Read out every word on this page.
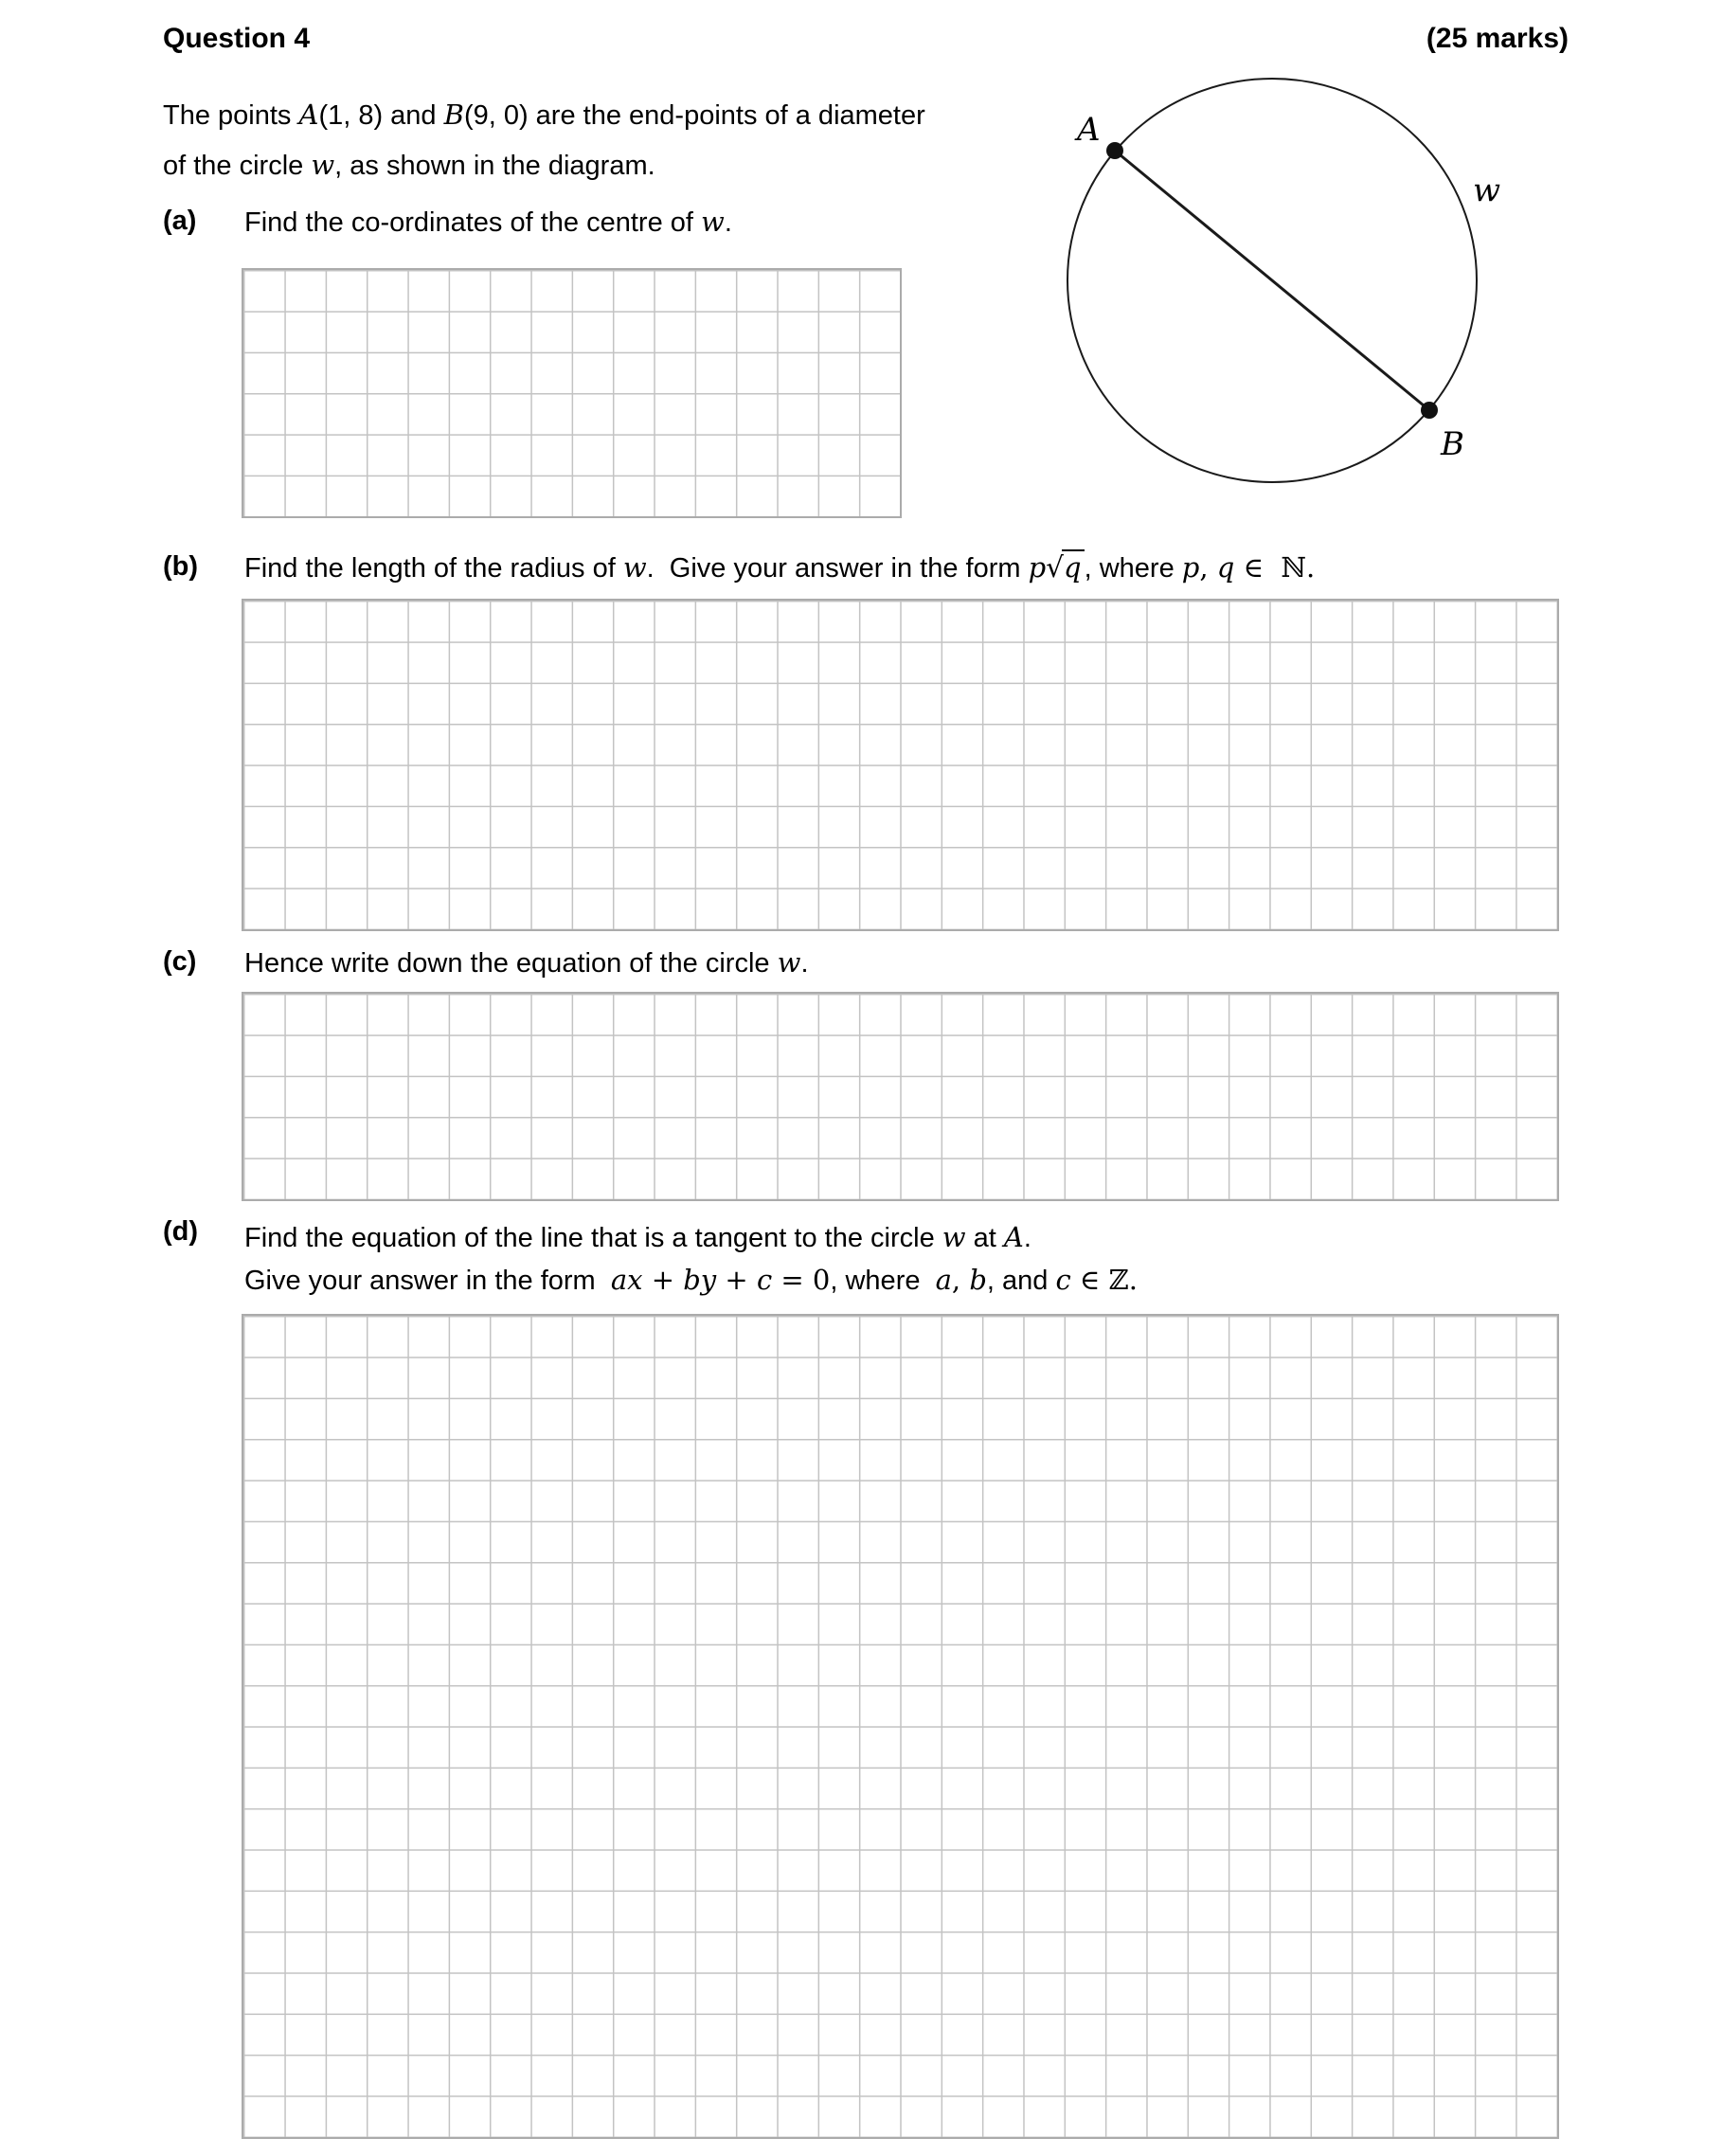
Question 4	(25 marks)
The points A(1, 8) and B(9, 0) are the end-points of a diameter
of the circle w, as shown in the diagram.
A
B
w
(a) Find the co-ordinates of the centre of w.
(b) Find the length of the radius of w.  Give your answer in the form p√q , where p, q ∈  ℕ.
(c) Hence write down the equation of the circle w.
(d) Find the equation of the line that is a tangent to the circle w at A.
Give your answer in the form  ax + by + c = 0, where  a, b, and c ∈ ℤ.
